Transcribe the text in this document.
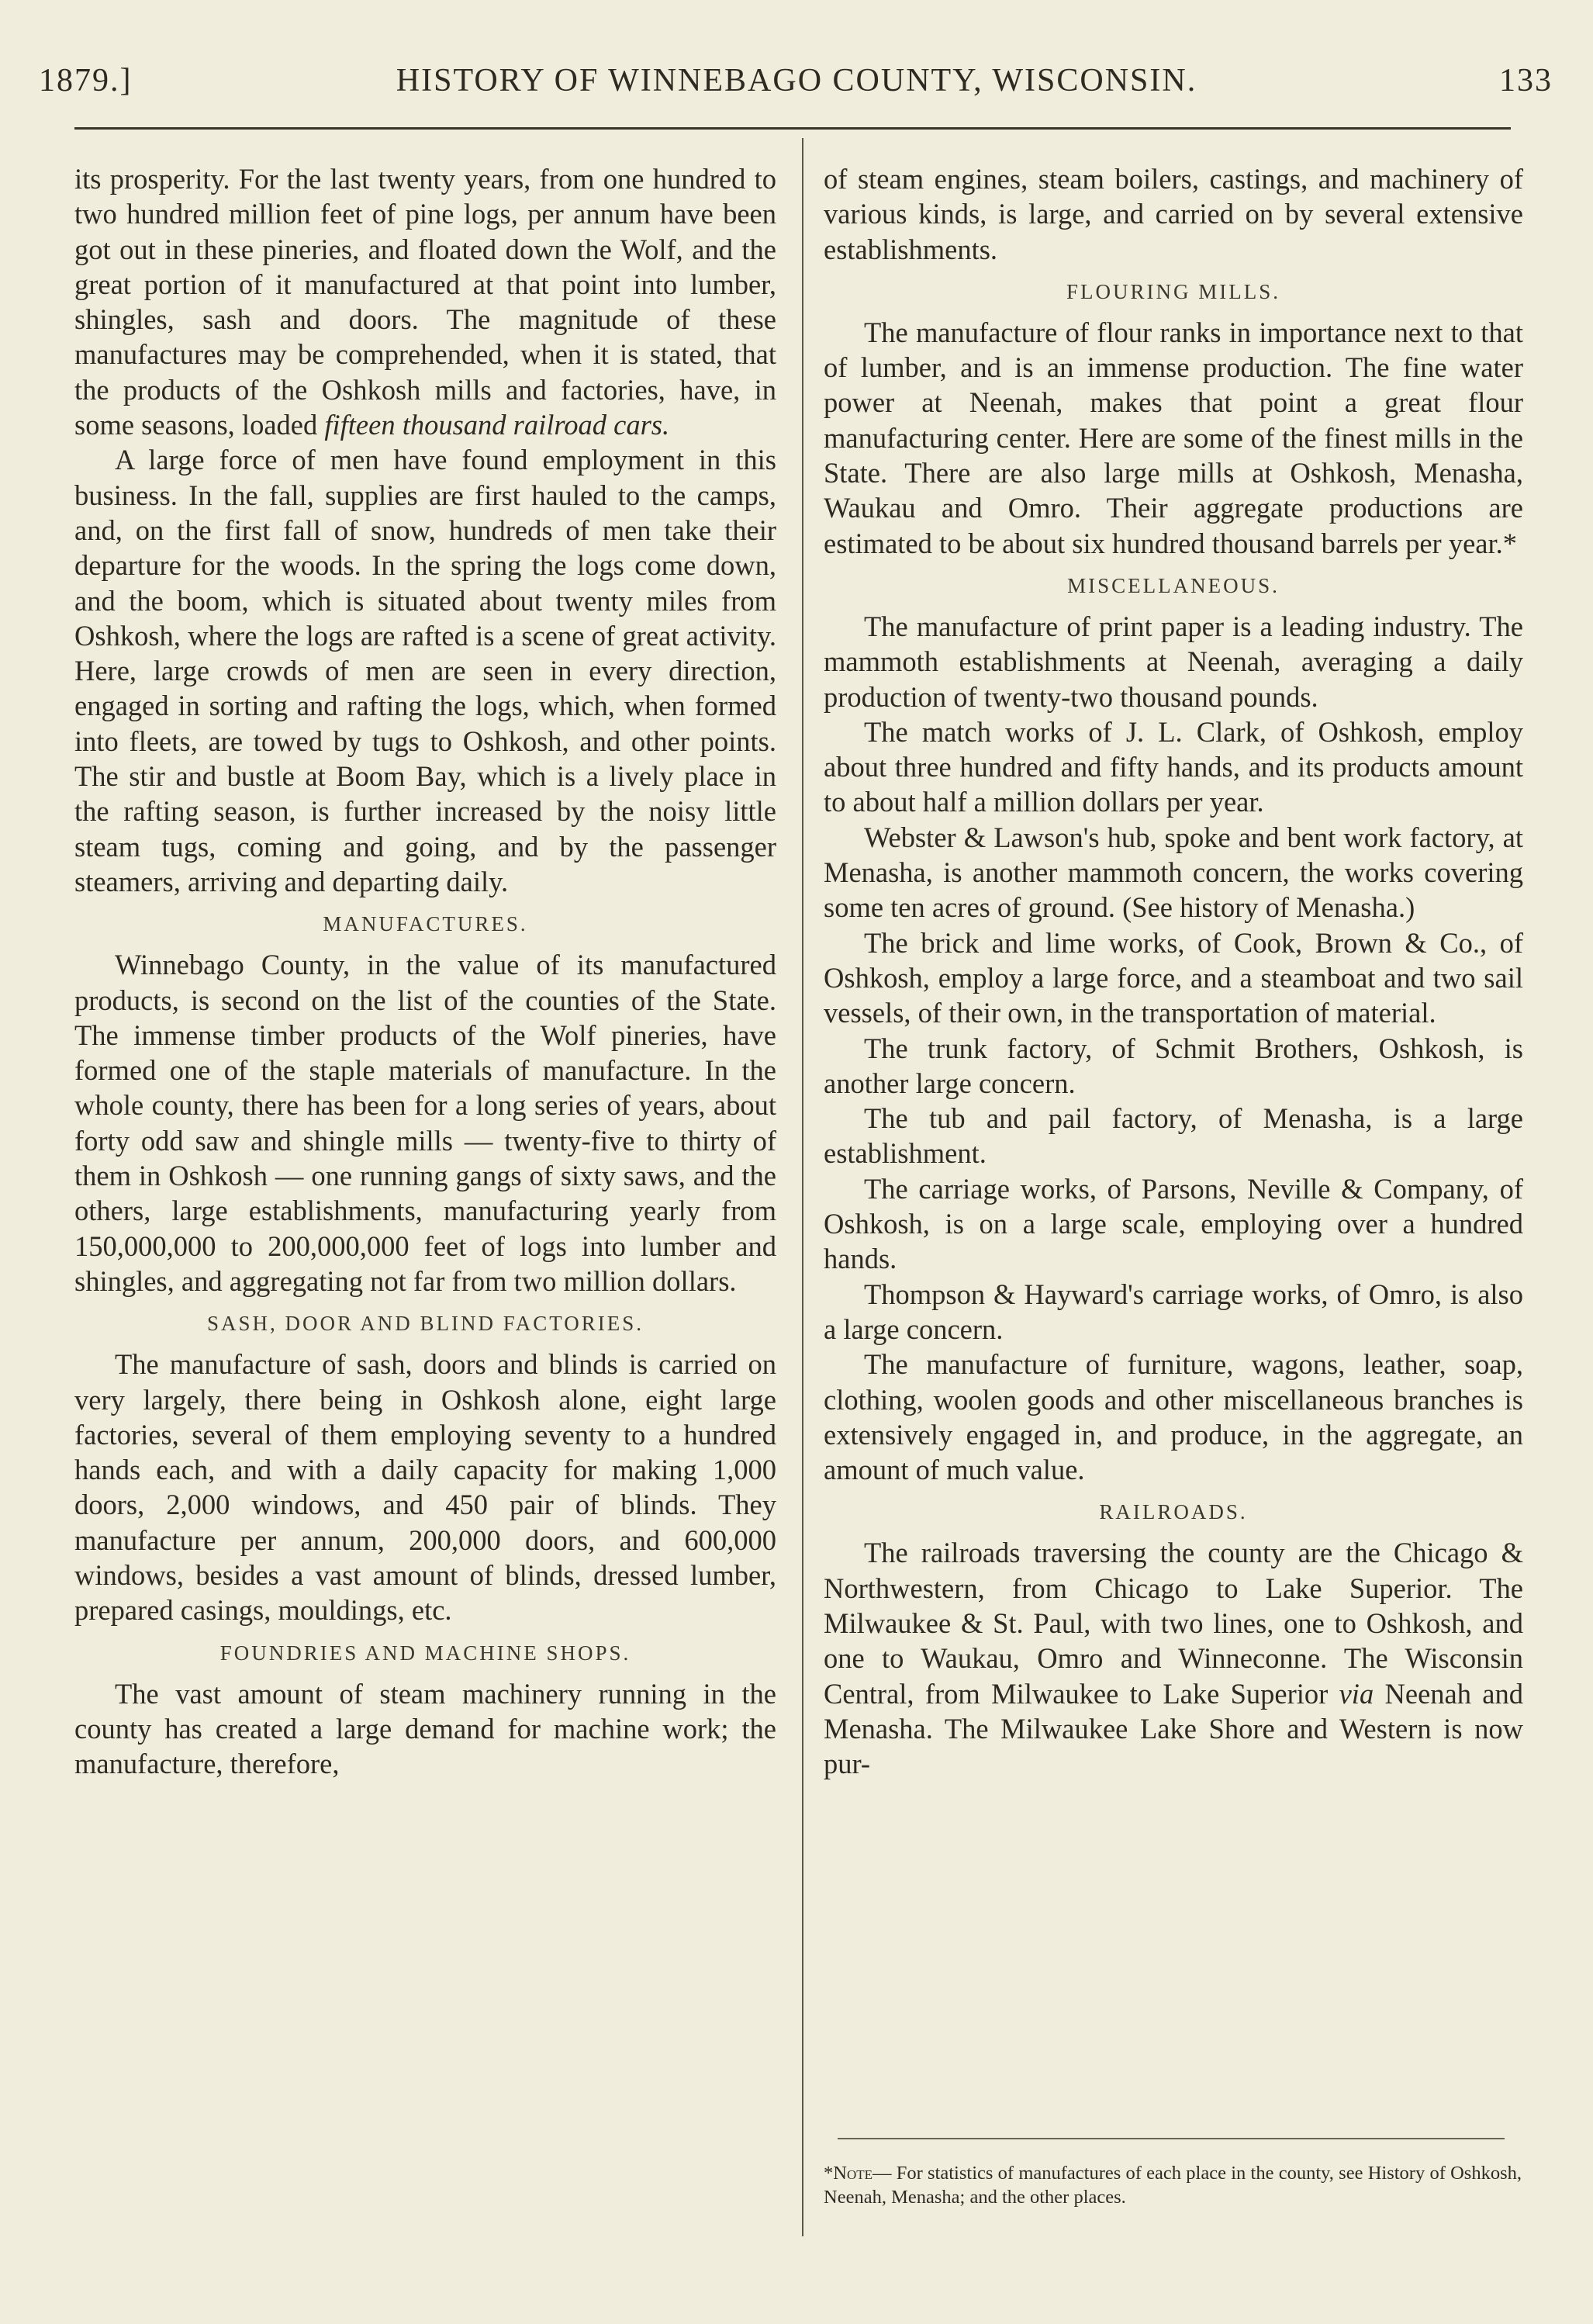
1879.]	HISTORY OF WINNEBAGO COUNTY, WISCONSIN.	133

its prosperity. For the last twenty years, from one hundred to two hundred million feet of pine logs, per annum have been got out in these pineries, and floated down the Wolf, and the great portion of it manufactured at that point into lumber, shingles, sash and doors. The magnitude of these manufactures may be comprehended, when it is stated, that the products of the Oshkosh mills and factories, have, in some seasons, loaded fifteen thousand railroad cars.

A large force of men have found employment in this business. In the fall, supplies are first hauled to the camps, and, on the first fall of snow, hundreds of men take their departure for the woods. In the spring the logs come down, and the boom, which is situated about twenty miles from Oshkosh, where the logs are rafted is a scene of great activity. Here, large crowds of men are seen in every direction, engaged in sorting and rafting the logs, which, when formed into fleets, are towed by tugs to Oshkosh, and other points. The stir and bustle at Boom Bay, which is a lively place in the rafting season, is further increased by the noisy little steam tugs, coming and going, and by the passenger steamers, arriving and departing daily.

MANUFACTURES.

Winnebago County, in the value of its manufactured products, is second on the list of the counties of the State. The immense timber products of the Wolf pineries, have formed one of the staple materials of manufacture. In the whole county, there has been for a long series of years, about forty odd saw and shingle mills — twenty-five to thirty of them in Oshkosh — one running gangs of sixty saws, and the others, large establishments, manufacturing yearly from 150,000,000 to 200,000,000 feet of logs into lumber and shingles, and aggregating not far from two million dollars.

SASH, DOOR AND BLIND FACTORIES.

The manufacture of sash, doors and blinds is carried on very largely, there being in Oshkosh alone, eight large factories, several of them employing seventy to a hundred hands each, and with a daily capacity for making 1,000 doors, 2,000 windows, and 450 pair of blinds. They manufacture per annum, 200,000 doors, and 600,000 windows, besides a vast amount of blinds, dressed lumber, prepared casings, mouldings, etc.

FOUNDRIES AND MACHINE SHOPS.

The vast amount of steam machinery running in the county has created a large demand for machine work; the manufacture, therefore,

of steam engines, steam boilers, castings, and machinery of various kinds, is large, and carried on by several extensive establishments.

FLOURING MILLS.

The manufacture of flour ranks in importance next to that of lumber, and is an immense production. The fine water power at Neenah, makes that point a great flour manufacturing center. Here are some of the finest mills in the State. There are also large mills at Oshkosh, Menasha, Waukau and Omro. Their aggregate productions are estimated to be about six hundred thousand barrels per year.*

MISCELLANEOUS.

The manufacture of print paper is a leading industry. The mammoth establishments at Neenah, averaging a daily production of twenty-two thousand pounds.

The match works of J. L. Clark, of Oshkosh, employ about three hundred and fifty hands, and its products amount to about half a million dollars per year.

Webster & Lawson's hub, spoke and bent work factory, at Menasha, is another mammoth concern, the works covering some ten acres of ground. (See history of Menasha.)

The brick and lime works, of Cook, Brown & Co., of Oshkosh, employ a large force, and a steamboat and two sail vessels, of their own, in the transportation of material.

The trunk factory, of Schmit Brothers, Oshkosh, is another large concern.

The tub and pail factory, of Menasha, is a large establishment.

The carriage works, of Parsons, Neville & Company, of Oshkosh, is on a large scale, employing over a hundred hands.

Thompson & Hayward's carriage works, of Omro, is also a large concern.

The manufacture of furniture, wagons, leather, soap, clothing, woolen goods and other miscellaneous branches is extensively engaged in, and produce, in the aggregate, an amount of much value.

RAILROADS.

The railroads traversing the county are the Chicago & Northwestern, from Chicago to Lake Superior. The Milwaukee & St. Paul, with two lines, one to Oshkosh, and one to Waukau, Omro and Winneconne. The Wisconsin Central, from Milwaukee to Lake Superior via Neenah and Menasha. The Milwaukee Lake Shore and Western is now pur-

*Note— For statistics of manufactures of each place in the county, see History of Oshkosh, Neenah, Menasha; and the other places.
